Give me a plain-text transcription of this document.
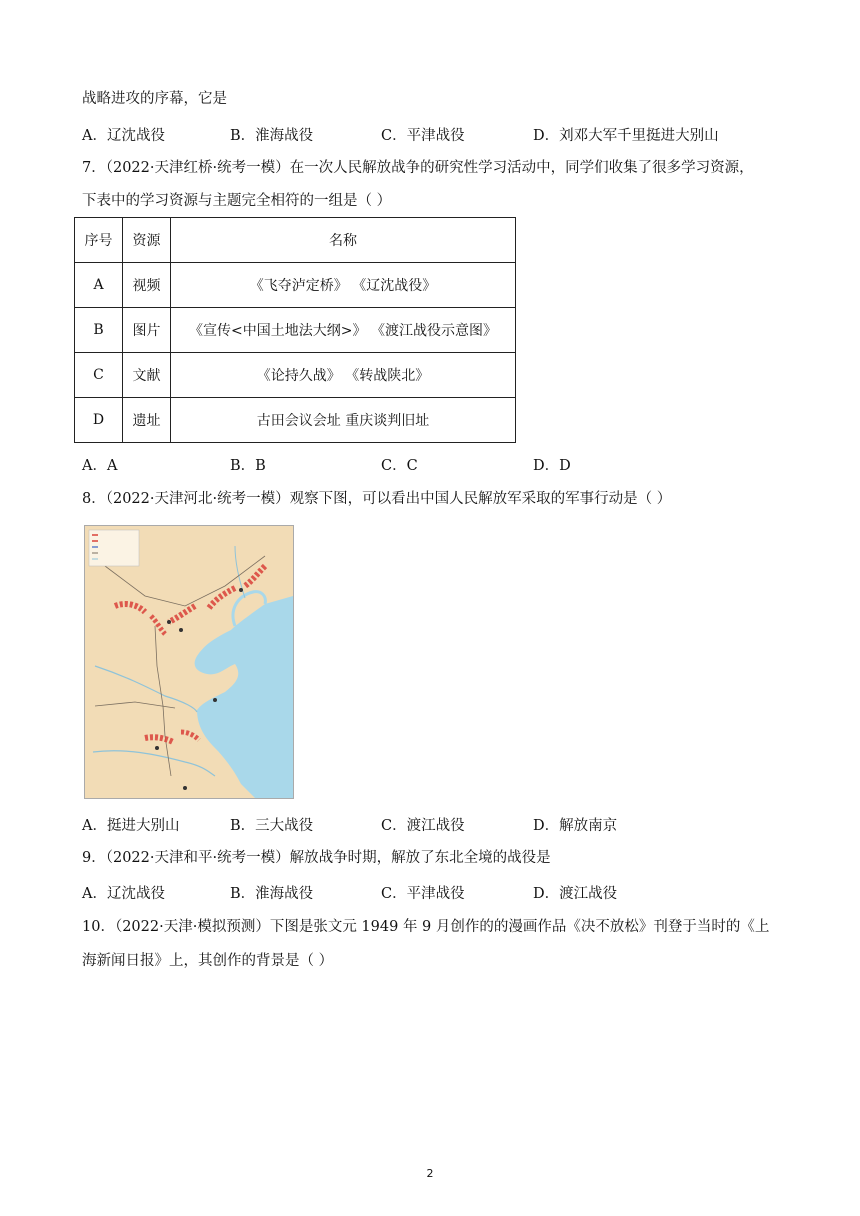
战略进攻的序幕，它是
A．辽沈战役	B．淮海战役	C．平津战役	D．刘邓大军千里挺进大别山
7．（2022·天津红桥·统考一模）在一次人民解放战争的研究性学习活动中，同学们收集了很多学习资源，
下表中的学习资源与主题完全相符的一组是（ ）
序号	资源	名称
A	视频	《飞夺泸定桥》 《辽沈战役》
B	图片	《宣传<中国土地法大纲>》 《渡江战役示意图》
C	文献	《论持久战》 《转战陕北》
D	遗址	古田会议会址 重庆谈判旧址
A．A	B．B	C．C	D．D
8．（2022·天津河北·统考一模）观察下图，可以看出中国人民解放军采取的军事行动是（ ）
A．挺进大别山	B．三大战役	C．渡江战役	D．解放南京
9．（2022·天津和平·统考一模）解放战争时期，解放了东北全境的战役是
A．辽沈战役	B．淮海战役	C．平津战役	D．渡江战役
10．（2022·天津·模拟预测）下图是张文元 1949 年 9 月创作的的漫画作品《决不放松》刊登于当时的《上
海新闻日报》上，其创作的背景是（ ）
2
